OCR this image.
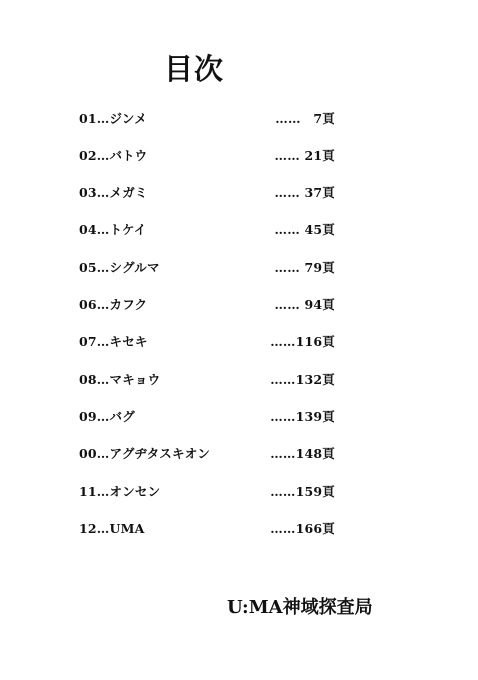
目次
01…ジンメ	……　7頁
02…バトウ	…… 21頁
03…メガミ	…… 37頁
04…トケイ	…… 45頁
05…シグルマ	…… 79頁
06…カフク	…… 94頁
07…キセキ	……116頁
08…マキョウ	……132頁
09…バグ	……139頁
00…アグヂタスキオン	……148頁
11…オンセン	……159頁
12…UMA	……166頁
U:MA神域探査局
